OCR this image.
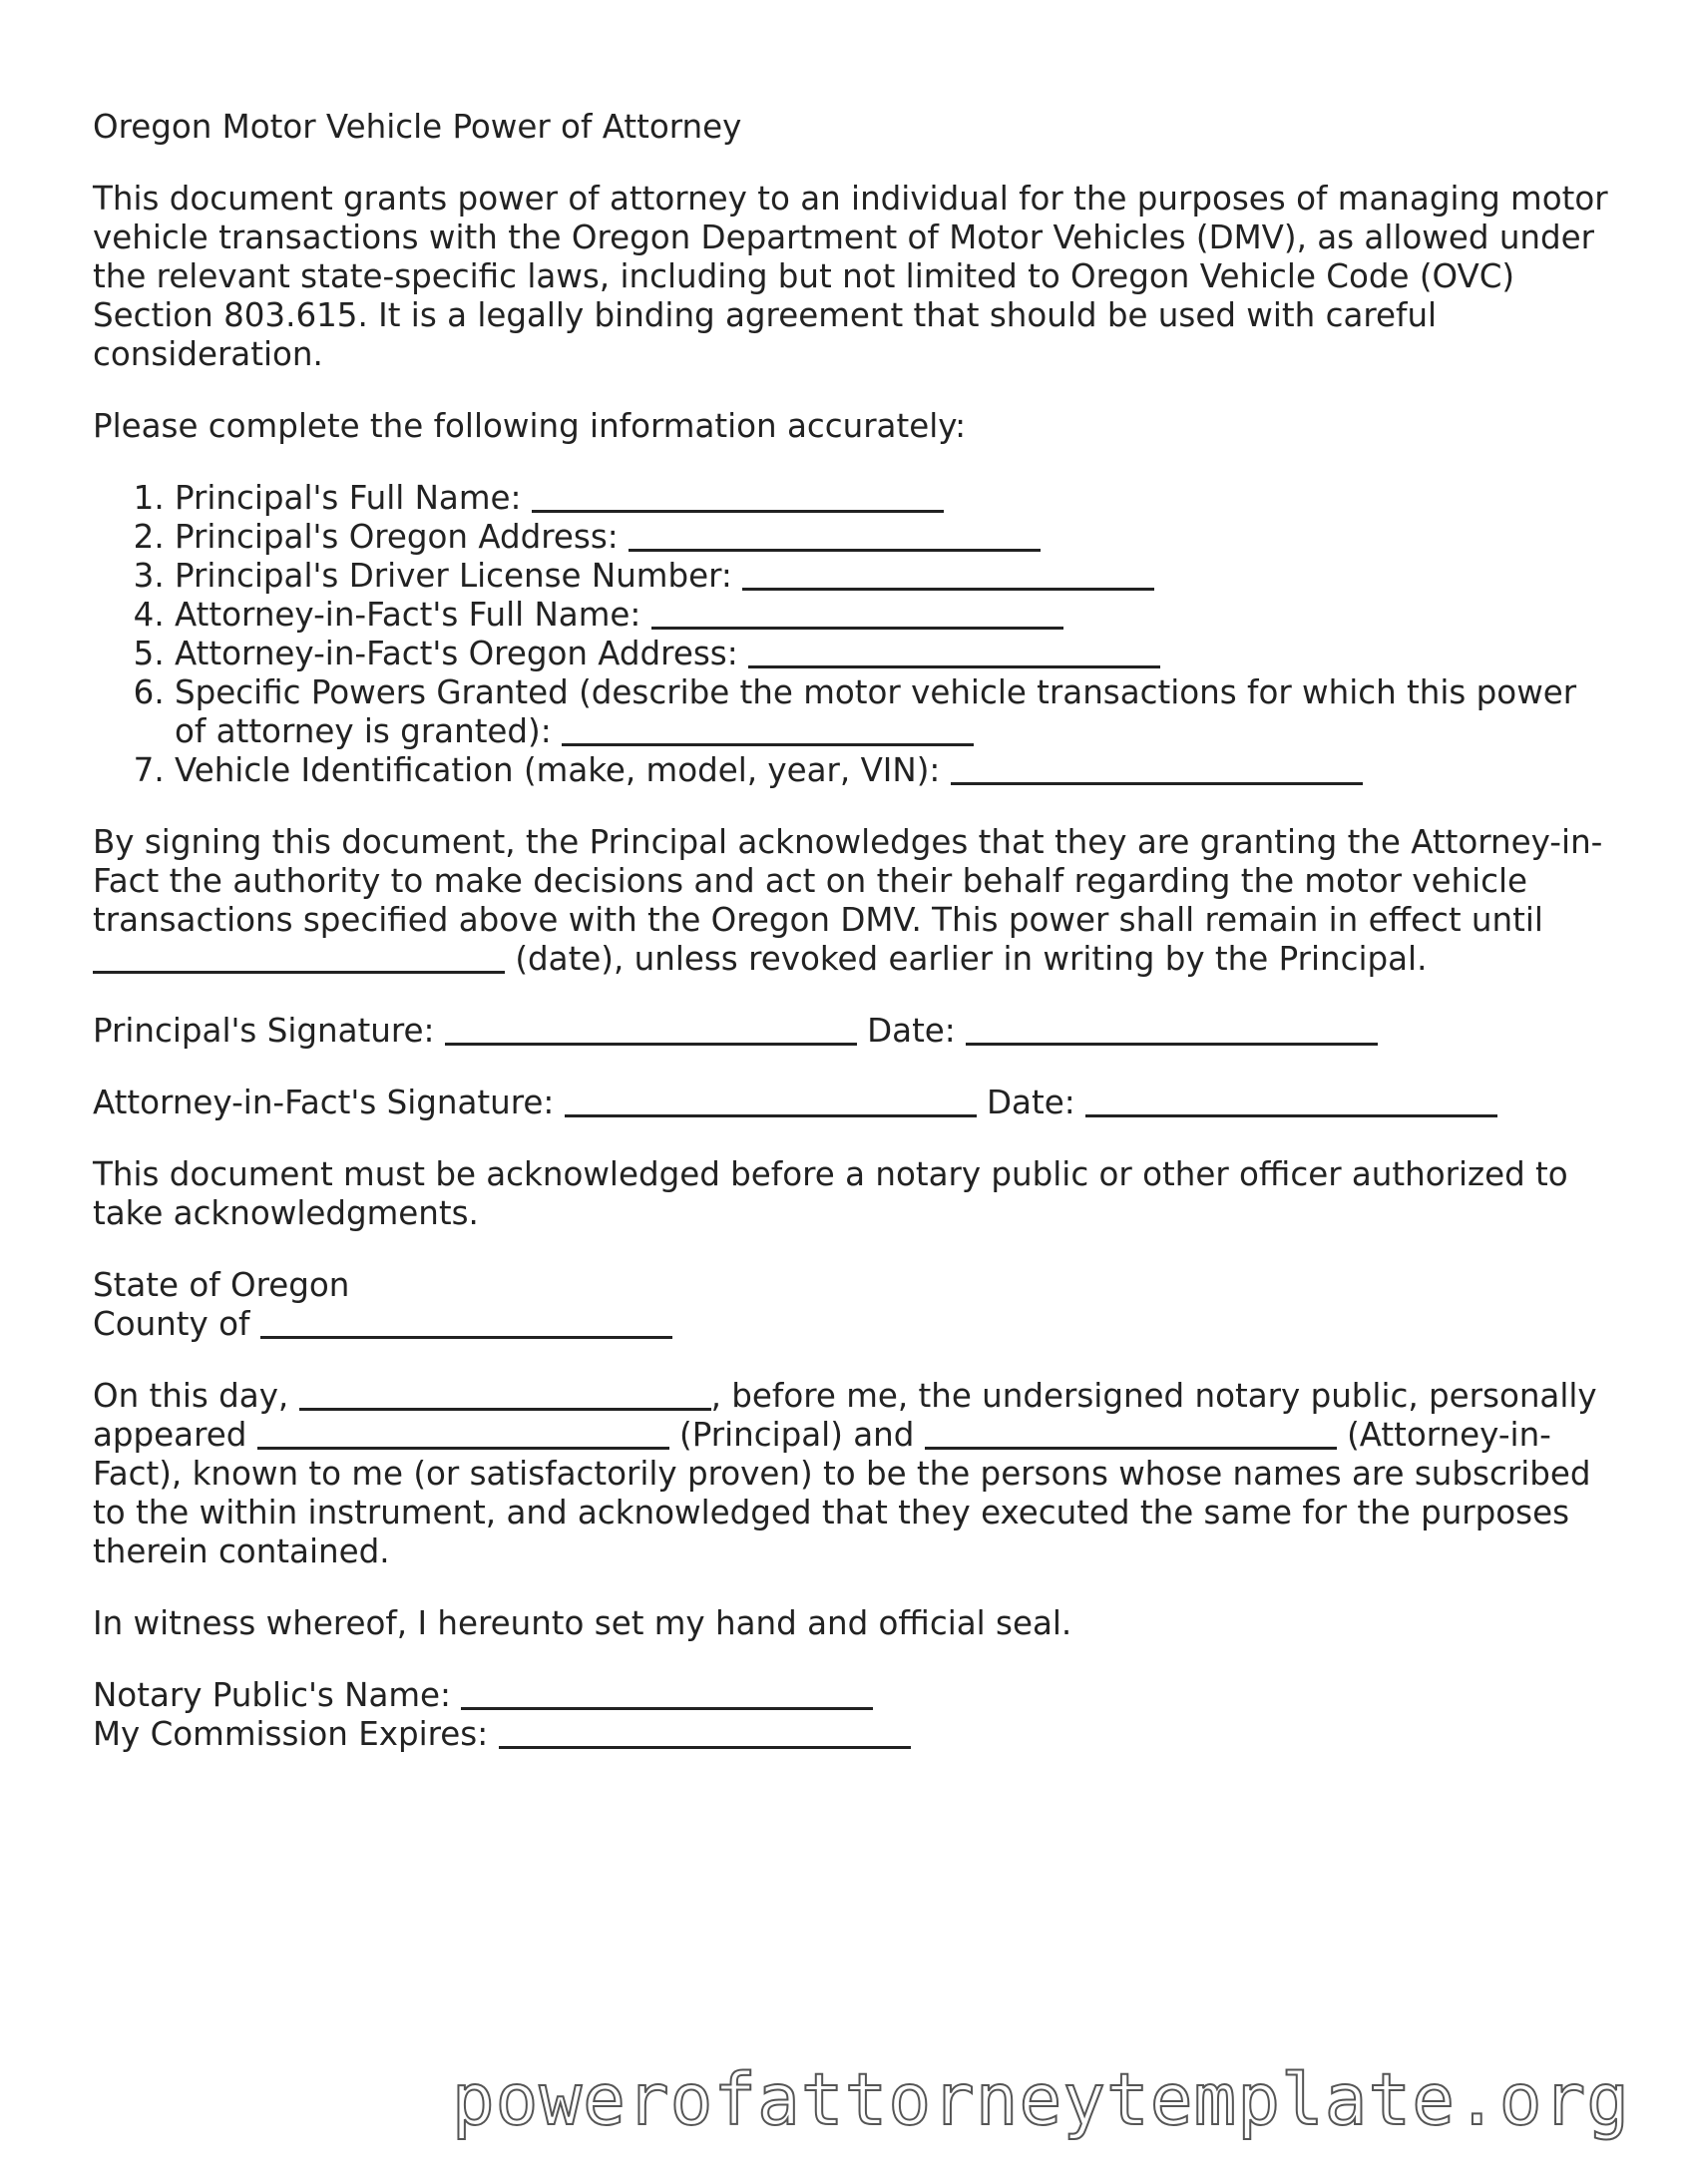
Oregon Motor Vehicle Power of Attorney

This document grants power of attorney to an individual for the purposes of managing motor vehicle transactions with the Oregon Department of Motor Vehicles (DMV), as allowed under the relevant state-specific laws, including but not limited to Oregon Vehicle Code (OVC) Section 803.615. It is a legally binding agreement that should be used with careful consideration.

Please complete the following information accurately:

1. Principal's Full Name:
2. Principal's Oregon Address:
3. Principal's Driver License Number:
4. Attorney-in-Fact's Full Name:
5. Attorney-in-Fact's Oregon Address:
6. Specific Powers Granted (describe the motor vehicle transactions for which this power of attorney is granted):
7. Vehicle Identification (make, model, year, VIN):

By signing this document, the Principal acknowledges that they are granting the Attorney-in-Fact the authority to make decisions and act on their behalf regarding the motor vehicle transactions specified above with the Oregon DMV. This power shall remain in effect until  (date), unless revoked earlier in writing by the Principal.

Principal's Signature:	Date:

Attorney-in-Fact's Signature:	Date:

This document must be acknowledged before a notary public or other officer authorized to take acknowledgments.

State of Oregon
County of

On this day,	, before me, the undersigned notary public, personally appeared	(Principal) and	(Attorney-in-Fact), known to me (or satisfactorily proven) to be the persons whose names are subscribed to the within instrument, and acknowledged that they executed the same for the purposes therein contained.

In witness whereof, I hereunto set my hand and official seal.

Notary Public's Name:
My Commission Expires:

powerofattorneytemplate.org
